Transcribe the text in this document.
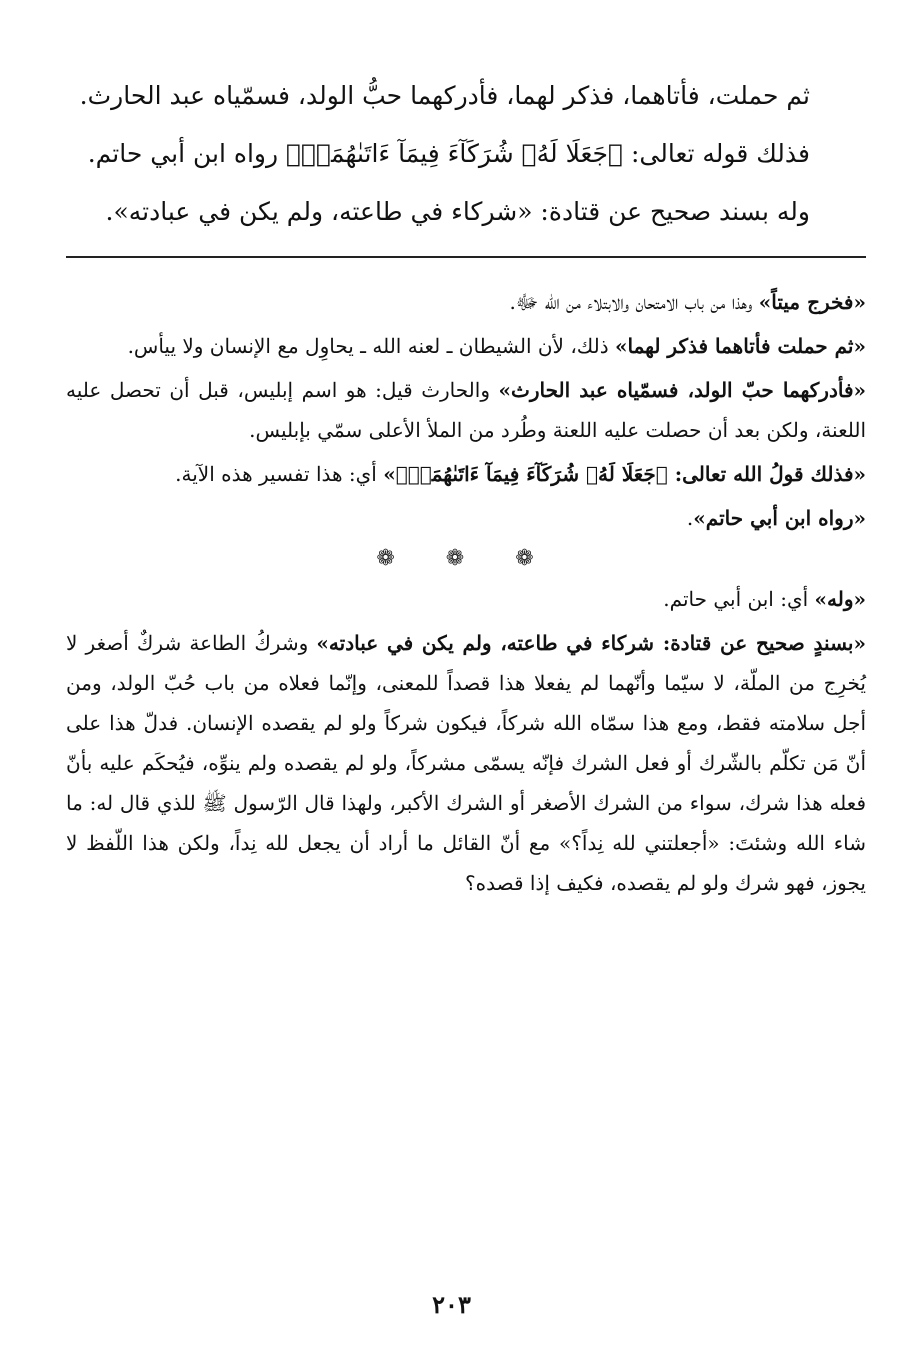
ثم حملت، فأتاهما، فذكر لهما، فأدركهما حبُّ الولد، فسمّياه عبد الحارث.

فذلك قوله تعالى: ﴿جَعَلَا لَهُۥ شُرَكَآءَ فِيمَآ ءَاتَىٰهُمَاۚ﴾ رواه ابن أبي حاتم.

وله بسند صحيح عن قتادة: «شركاء في طاعته، ولم يكن في عبادته».

«فخرج ميتاً» وهذا من باب الامتحان والابتلاء من الله ﷻ.

«ثم حملت فأتاهما فذكر لهما» ذلك، لأن الشيطان ـ لعنه الله ـ يحاوِل مع الإنسان ولا ييأس.

«فأدركهما حبّ الولد، فسمّياه عبد الحارث» والحارث قيل: هو اسم إبليس، قبل أن تحصل عليه اللعنة، ولكن بعد أن حصلت عليه اللعنة وطُرد من الملأ الأعلى سمّي بإبليس.

«فذلك قولُ الله تعالى: ﴿جَعَلَا لَهُۥ شُرَكَآءَ فِيمَآ ءَاتَىٰهُمَاۚ﴾» أي: هذا تفسير هذه الآية.

«رواه ابن أبي حاتم».

❁ ❁ ❁

«وله» أي: ابن أبي حاتم.

«بسندٍ صحيح عن قتادة: شركاء في طاعته، ولم يكن في عبادته» وشركُ الطاعة شركٌ أصغر لا يُخرِج من الملّة، لا سيّما وأنّهما لم يفعلا هذا قصداً للمعنى، وإنّما فعلاه من باب حُبّ الولد، ومن أجل سلامته فقط، ومع هذا سمّاه الله شركاً، فيكون شركاً ولو لم يقصده الإنسان. فدلّ هذا على أنّ مَن تكلّم بالشّرك أو فعل الشرك فإنّه يسمّى مشركاً، ولو لم يقصده ولم ينوِّه، فيُحكَم عليه بأنّ فعله هذا شرك، سواء من الشرك الأصغر أو الشرك الأكبر، ولهذا قال الرّسول ﷺ للذي قال له: ما شاء الله وشئتَ: «أجعلتني لله نِداً؟» مع أنّ القائل ما أراد أن يجعل لله نِداً، ولكن هذا اللّفظ لا يجوز، فهو شرك ولو لم يقصده، فكيف إذا قصده؟

٢٠٣
